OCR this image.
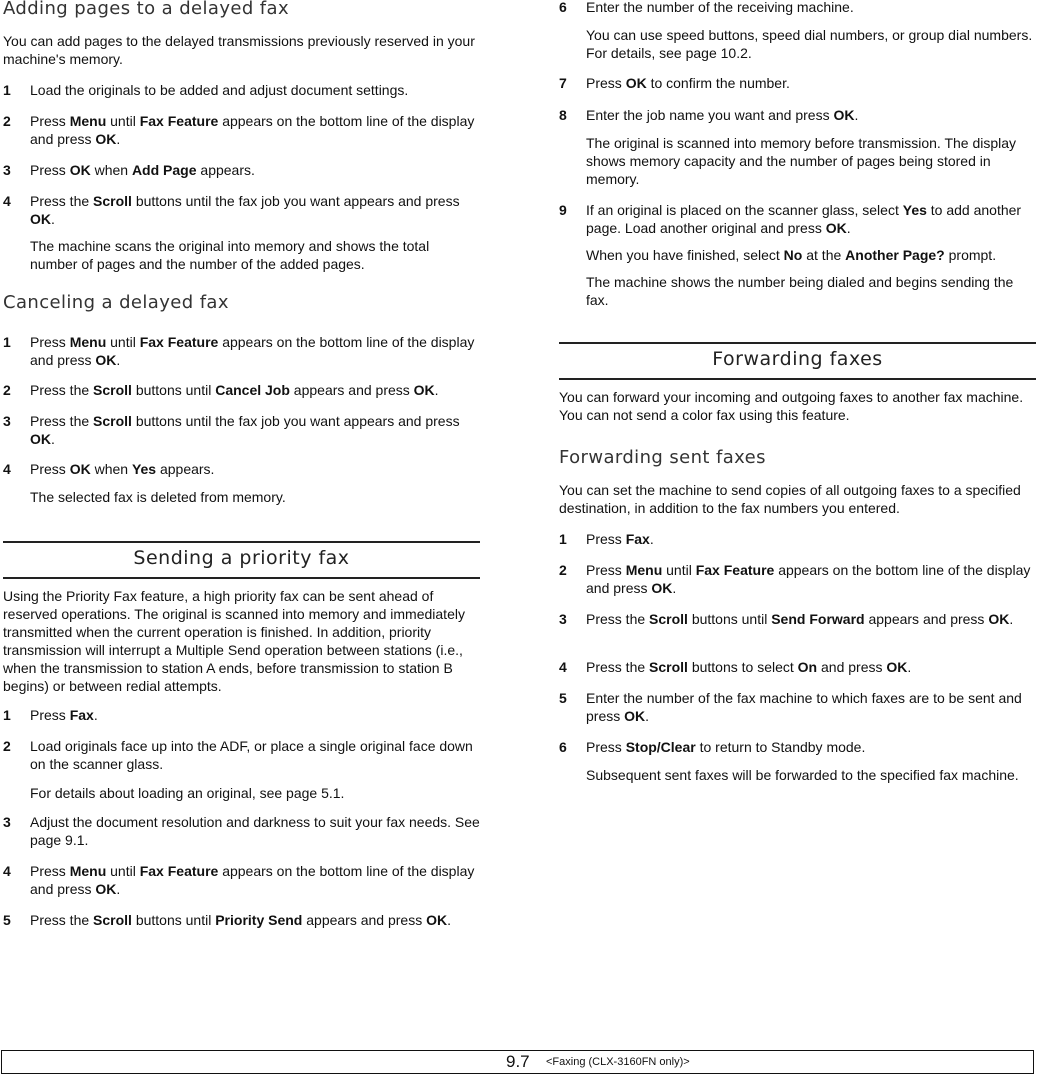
Adding pages to a delayed fax

You can add pages to the delayed transmissions previously reserved in your machine's memory.

1 Load the originals to be added and adjust document settings.

2 Press Menu until Fax Feature appears on the bottom line of the display and press OK.

3 Press OK when Add Page appears.

4 Press the Scroll buttons until the fax job you want appears and press OK.

The machine scans the original into memory and shows the total number of pages and the number of the added pages.

Canceling a delayed fax
1 Press Menu until Fax Feature appears on the bottom line of the display and press OK.

2 Press the Scroll buttons until Cancel Job appears and press OK.

3 Press the Scroll buttons until the fax job you want appears and press OK.

4 Press OK when Yes appears.

The selected fax is deleted from memory.

Sending a priority fax

Using the Priority Fax feature, a high priority fax can be sent ahead of reserved operations. The original is scanned into memory and immediately transmitted when the current operation is finished. In addition, priority transmission will interrupt a Multiple Send operation between stations (i.e., when the transmission to station A ends, before transmission to station B begins) or between redial attempts.

1 Press Fax.

2 Load originals face up into the ADF, or place a single original face down on the scanner glass.

For details about loading an original, see page 5.1.

3 Adjust the document resolution and darkness to suit your fax needs. See page 9.1.

4 Press Menu until Fax Feature appears on the bottom line of the display and press OK.

5 Press the Scroll buttons until Priority Send appears and press OK.

6 Enter the number of the receiving machine.

You can use speed buttons, speed dial numbers, or group dial numbers. For details, see page 10.2.

7 Press OK to confirm the number.

8 Enter the job name you want and press OK.

The original is scanned into memory before transmission. The display shows memory capacity and the number of pages being stored in memory.

9 If an original is placed on the scanner glass, select Yes to add another page. Load another original and press OK.

When you have finished, select No at the Another Page? prompt.

The machine shows the number being dialed and begins sending the fax.

Forwarding faxes

You can forward your incoming and outgoing faxes to another fax machine. You can not send a color fax using this feature.

Forwarding sent faxes

You can set the machine to send copies of all outgoing faxes to a specified destination, in addition to the fax numbers you entered.

1 Press Fax.

2 Press Menu until Fax Feature appears on the bottom line of the display and press OK.

3 Press the Scroll buttons until Send Forward appears and press OK.

4 Press the Scroll buttons to select On and press OK.

5 Enter the number of the fax machine to which faxes are to be sent and press OK.

6 Press Stop/Clear to return to Standby mode.

Subsequent sent faxes will be forwarded to the specified fax machine.

9.7 <Faxing (CLX-3160FN only)>
